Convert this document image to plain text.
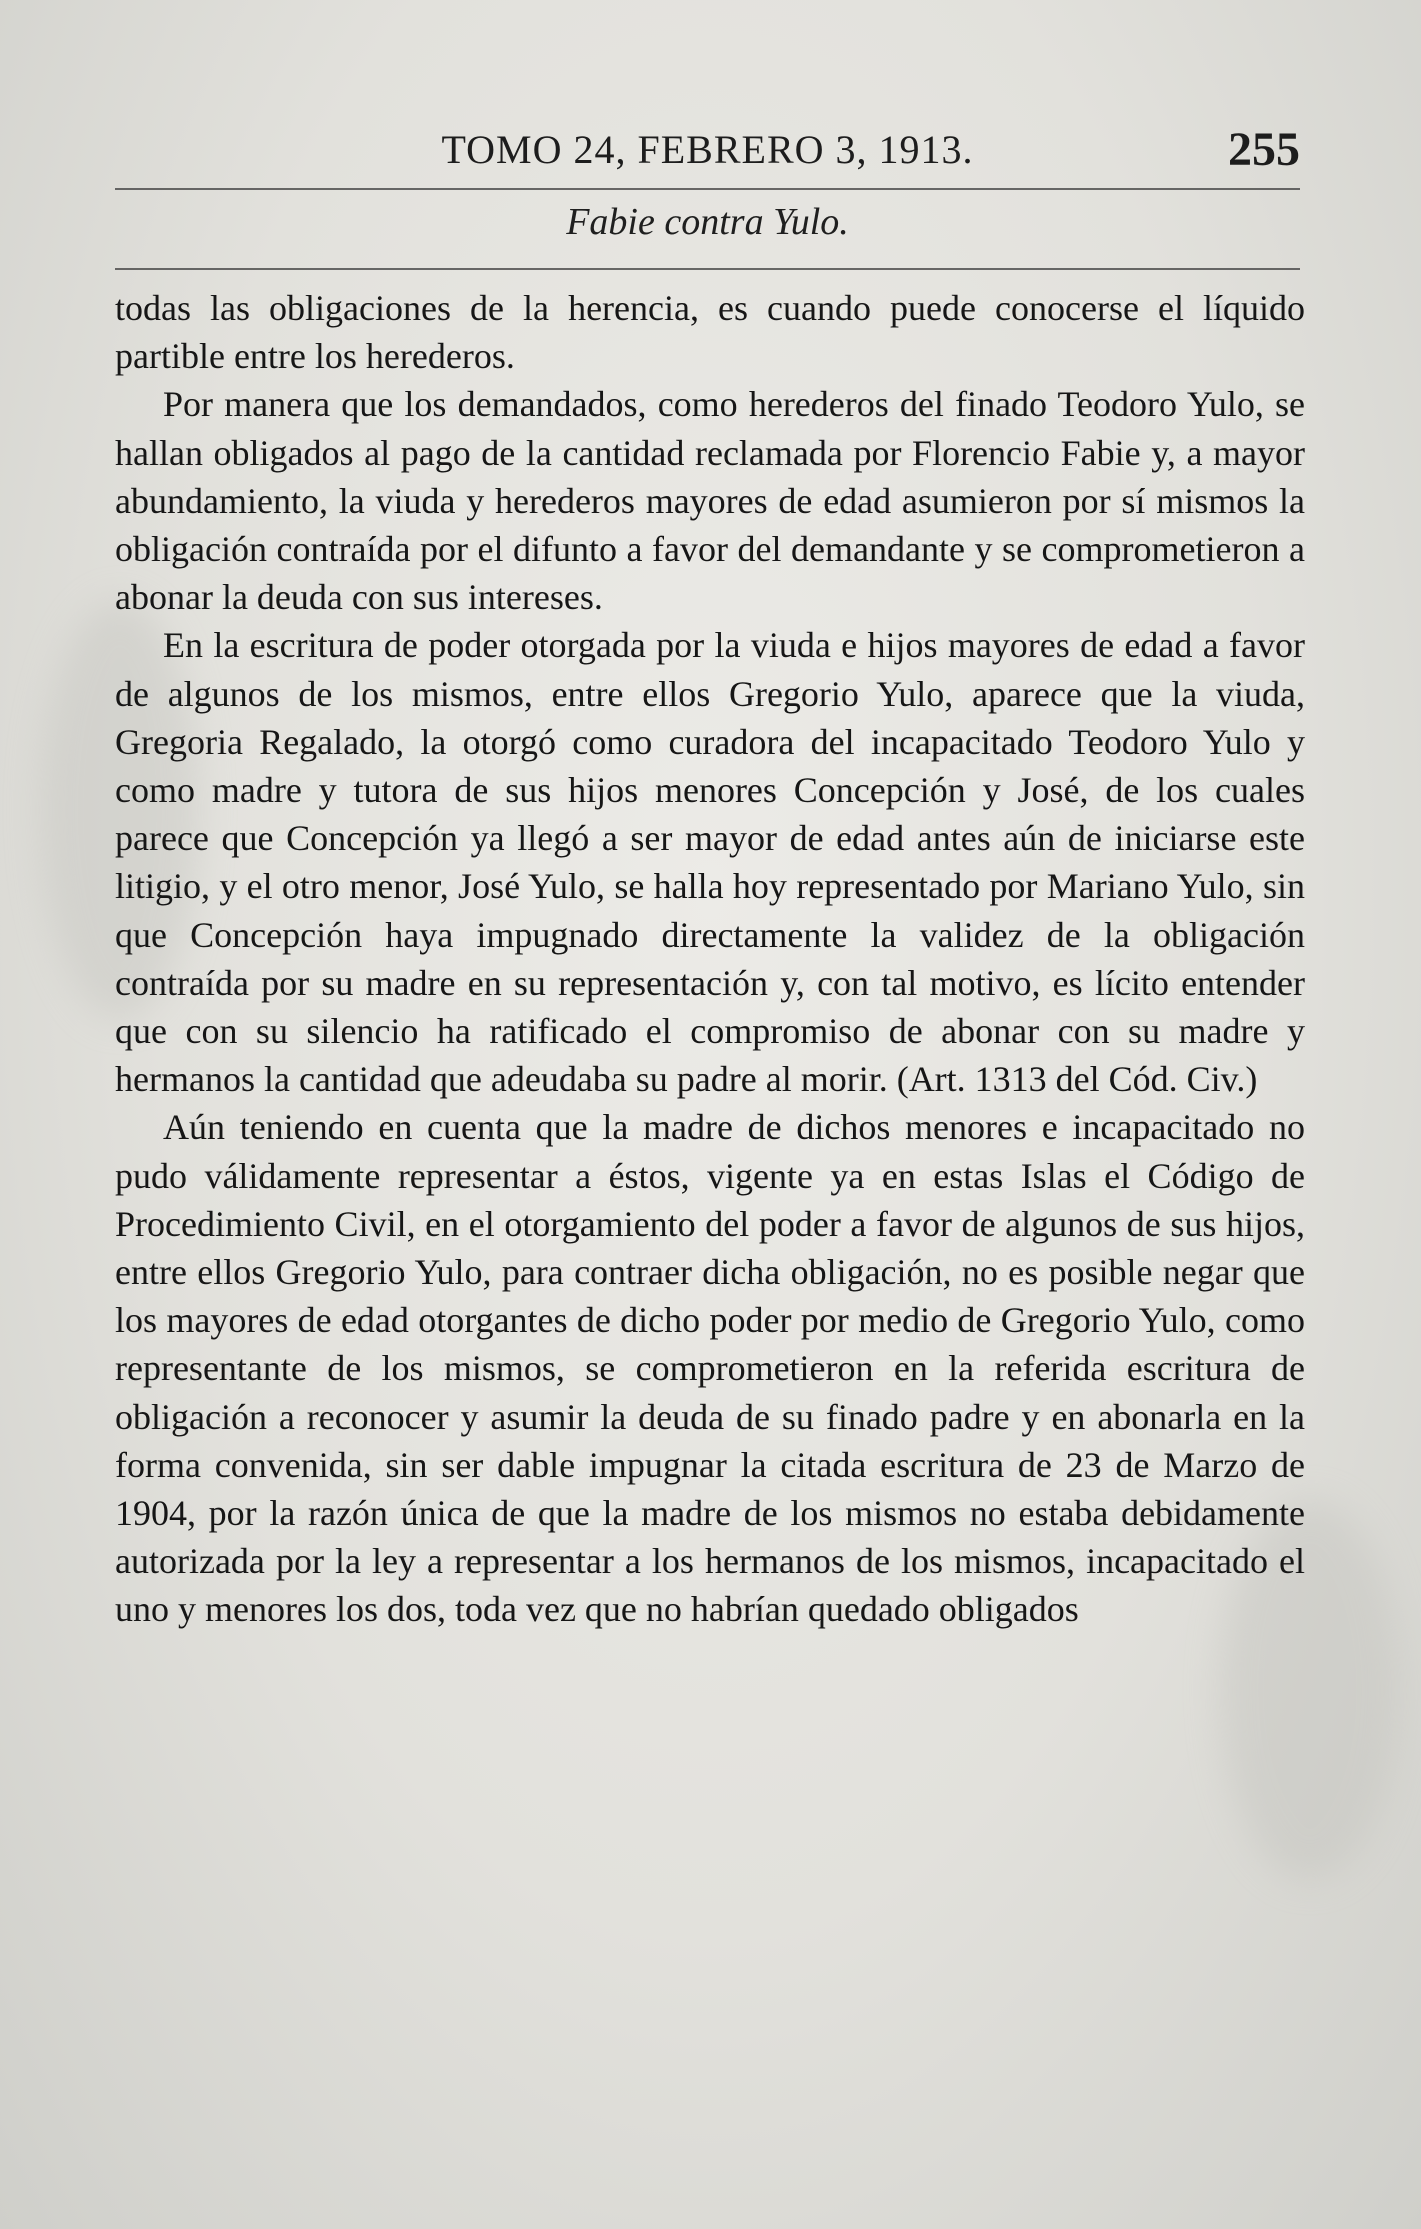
TOMO 24, FEBRERO 3, 1913.	255
Fabie contra Yulo.

todas las obligaciones de la herencia, es cuando puede conocerse el líquido partible entre los herederos.

Por manera que los demandados, como herederos del finado Teodoro Yulo, se hallan obligados al pago de la cantidad reclamada por Florencio Fabie y, a mayor abundamiento, la viuda y herederos mayores de edad asumieron por sí mismos la obligación contraída por el difunto a favor del demandante y se comprometieron a abonar la deuda con sus intereses.

En la escritura de poder otorgada por la viuda e hijos mayores de edad a favor de algunos de los mismos, entre ellos Gregorio Yulo, aparece que la viuda, Gregoria Regalado, la otorgó como curadora del incapacitado Teodoro Yulo y como madre y tutora de sus hijos menores Concepción y José, de los cuales parece que Concepción ya llegó a ser mayor de edad antes aún de iniciarse este litigio, y el otro menor, José Yulo, se halla hoy representado por Mariano Yulo, sin que Concepción haya impugnado directamente la validez de la obligación contraída por su madre en su representación y, con tal motivo, es lícito entender que con su silencio ha ratificado el compromiso de abonar con su madre y hermanos la cantidad que adeudaba su padre al morir. (Art. 1313 del Cód. Civ.)

Aún teniendo en cuenta que la madre de dichos menores e incapacitado no pudo válidamente representar a éstos, vigente ya en estas Islas el Código de Procedimiento Civil, en el otorgamiento del poder a favor de algunos de sus hijos, entre ellos Gregorio Yulo, para contraer dicha obligación, no es posible negar que los mayores de edad otorgantes de dicho poder por medio de Gregorio Yulo, como representante de los mismos, se comprometieron en la referida escritura de obligación a reconocer y asumir la deuda de su finado padre y en abonarla en la forma convenida, sin ser dable impugnar la citada escritura de 23 de Marzo de 1904, por la razón única de que la madre de los mismos no estaba debidamente autorizada por la ley a representar a los hermanos de los mismos, incapacitado el uno y menores los dos, toda vez que no habrían quedado obligados
